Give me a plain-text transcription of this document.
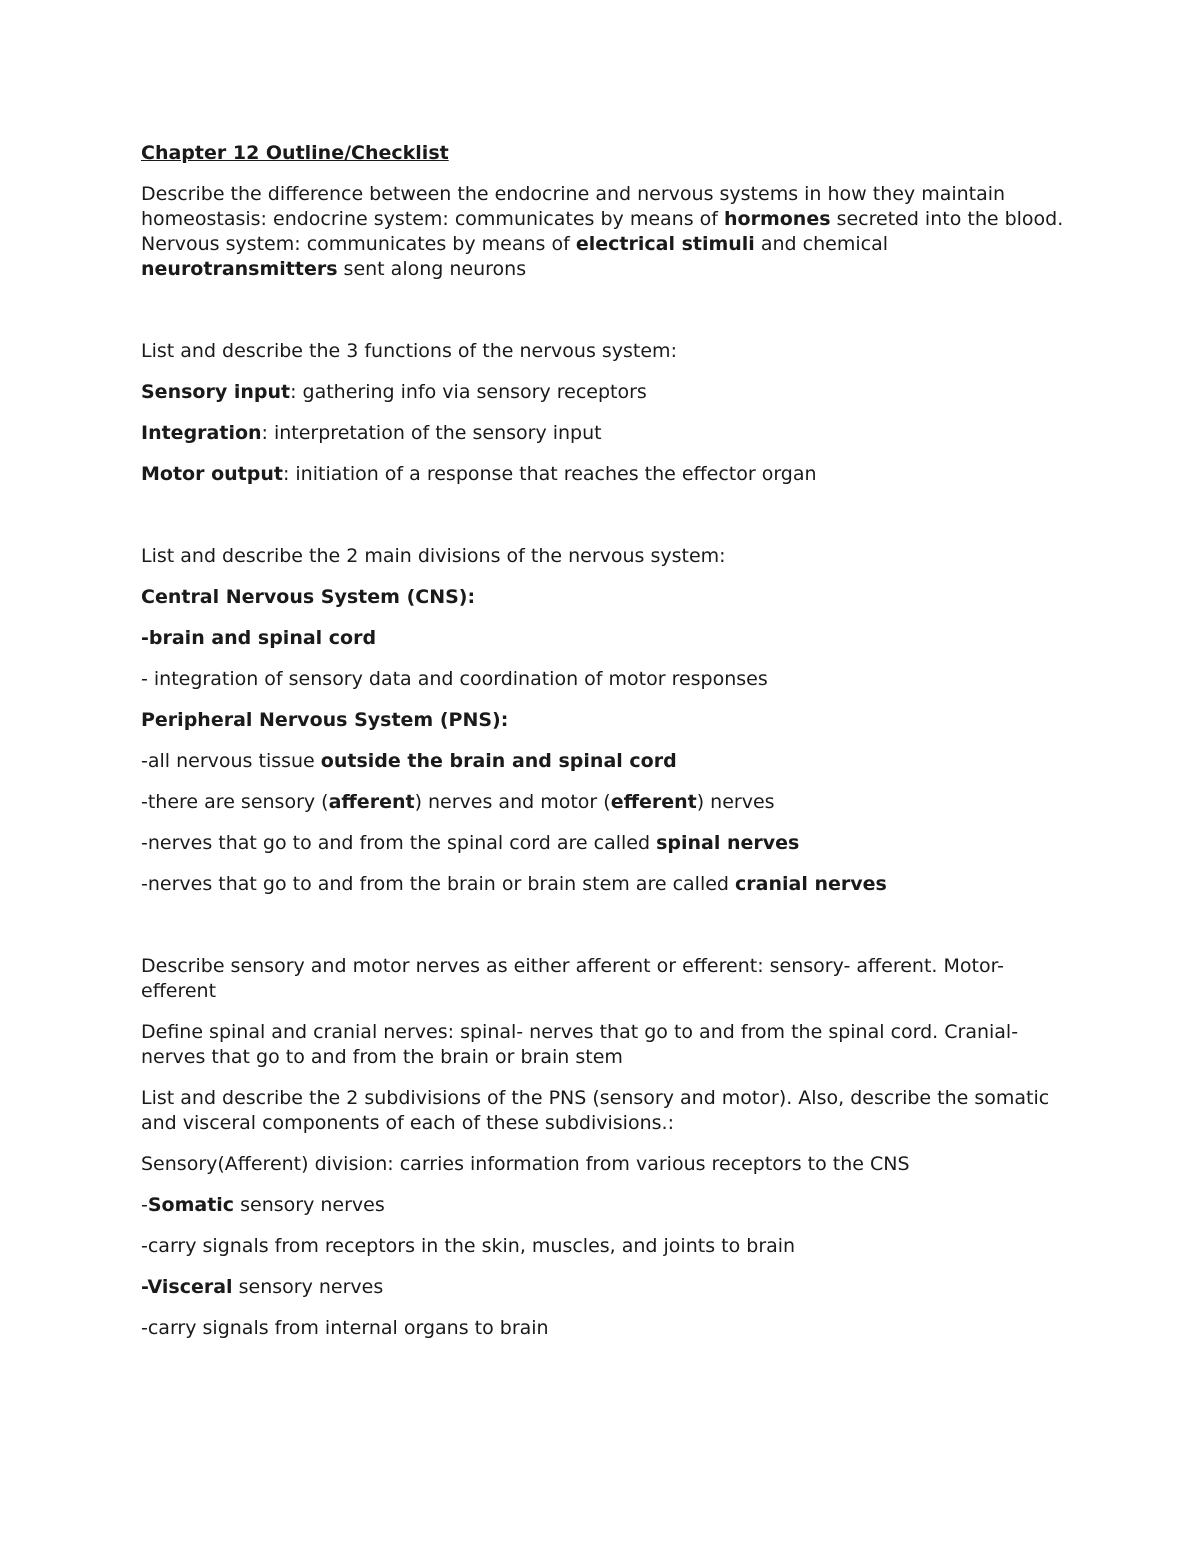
Chapter 12 Outline/Checklist

Describe the difference between the endocrine and nervous systems in how they maintain homeostasis: endocrine system: communicates by means of hormones secreted into the blood. Nervous system: communicates by means of electrical stimuli and chemical neurotransmitters sent along neurons

List and describe the 3 functions of the nervous system:

Sensory input: gathering info via sensory receptors

Integration: interpretation of the sensory input

Motor output: initiation of a response that reaches the effector organ

List and describe the 2 main divisions of the nervous system:

Central Nervous System (CNS):

-brain and spinal cord

- integration of sensory data and coordination of motor responses

Peripheral Nervous System (PNS):

-all nervous tissue outside the brain and spinal cord

-there are sensory (afferent) nerves and motor (efferent) nerves

-nerves that go to and from the spinal cord are called spinal nerves

-nerves that go to and from the brain or brain stem are called cranial nerves

Describe sensory and motor nerves as either afferent or efferent: sensory- afferent. Motor- efferent

Define spinal and cranial nerves: spinal- nerves that go to and from the spinal cord. Cranial- nerves that go to and from the brain or brain stem

List and describe the 2 subdivisions of the PNS (sensory and motor). Also, describe the somatic and visceral components of each of these subdivisions.:

Sensory(Afferent) division: carries information from various receptors to the CNS

-Somatic sensory nerves

-carry signals from receptors in the skin, muscles, and joints to brain

-Visceral sensory nerves

-carry signals from internal organs to brain
